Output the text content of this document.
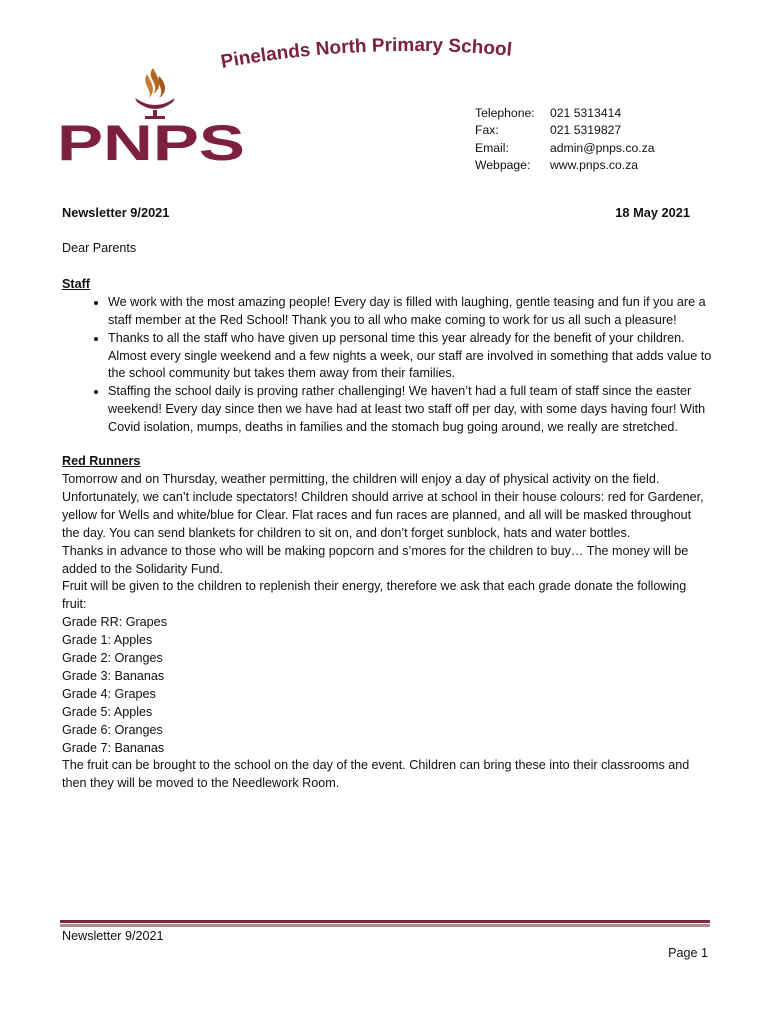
Pinelands North Primary School
PNPS
Telephone:	021 5313414
Fax:	021 5319827
Email:	admin@pnps.co.za
Webpage:	www.pnps.co.za
Newsletter 9/2021	18 May 2021

Dear Parents

Staff

• We work with the most amazing people! Every day is filled with laughing, gentle teasing and fun if you are a staff member at the Red School! Thank you to all who make coming to work for us all such a pleasure!
• Thanks to all the staff who have given up personal time this year already for the benefit of your children. Almost every single weekend and a few nights a week, our staff are involved in something that adds value to the school community but takes them away from their families.
• Staffing the school daily is proving rather challenging! We haven’t had a full team of staff since the easter weekend! Every day since then we have had at least two staff off per day, with some days having four! With Covid isolation, mumps, deaths in families and the stomach bug going around, we really are stretched.

Red Runners

Tomorrow and on Thursday, weather permitting, the children will enjoy a day of physical activity on the field. Unfortunately, we can’t include spectators! Children should arrive at school in their house colours: red for Gardener, yellow for Wells and white/blue for Clear. Flat races and fun races are planned, and all will be masked throughout the day. You can send blankets for children to sit on, and don’t forget sunblock, hats and water bottles.

Thanks in advance to those who will be making popcorn and s’mores for the children to buy… The money will be added to the Solidarity Fund.

Fruit will be given to the children to replenish their energy, therefore we ask that each grade donate the following fruit:

Grade RR: Grapes
Grade 1: Apples
Grade 2: Oranges
Grade 3: Bananas
Grade 4: Grapes
Grade 5: Apples
Grade 6: Oranges
Grade 7: Bananas

The fruit can be brought to the school on the day of the event. Children can bring these into their classrooms and then they will be moved to the Needlework Room.

Newsletter 9/2021
Page 1
